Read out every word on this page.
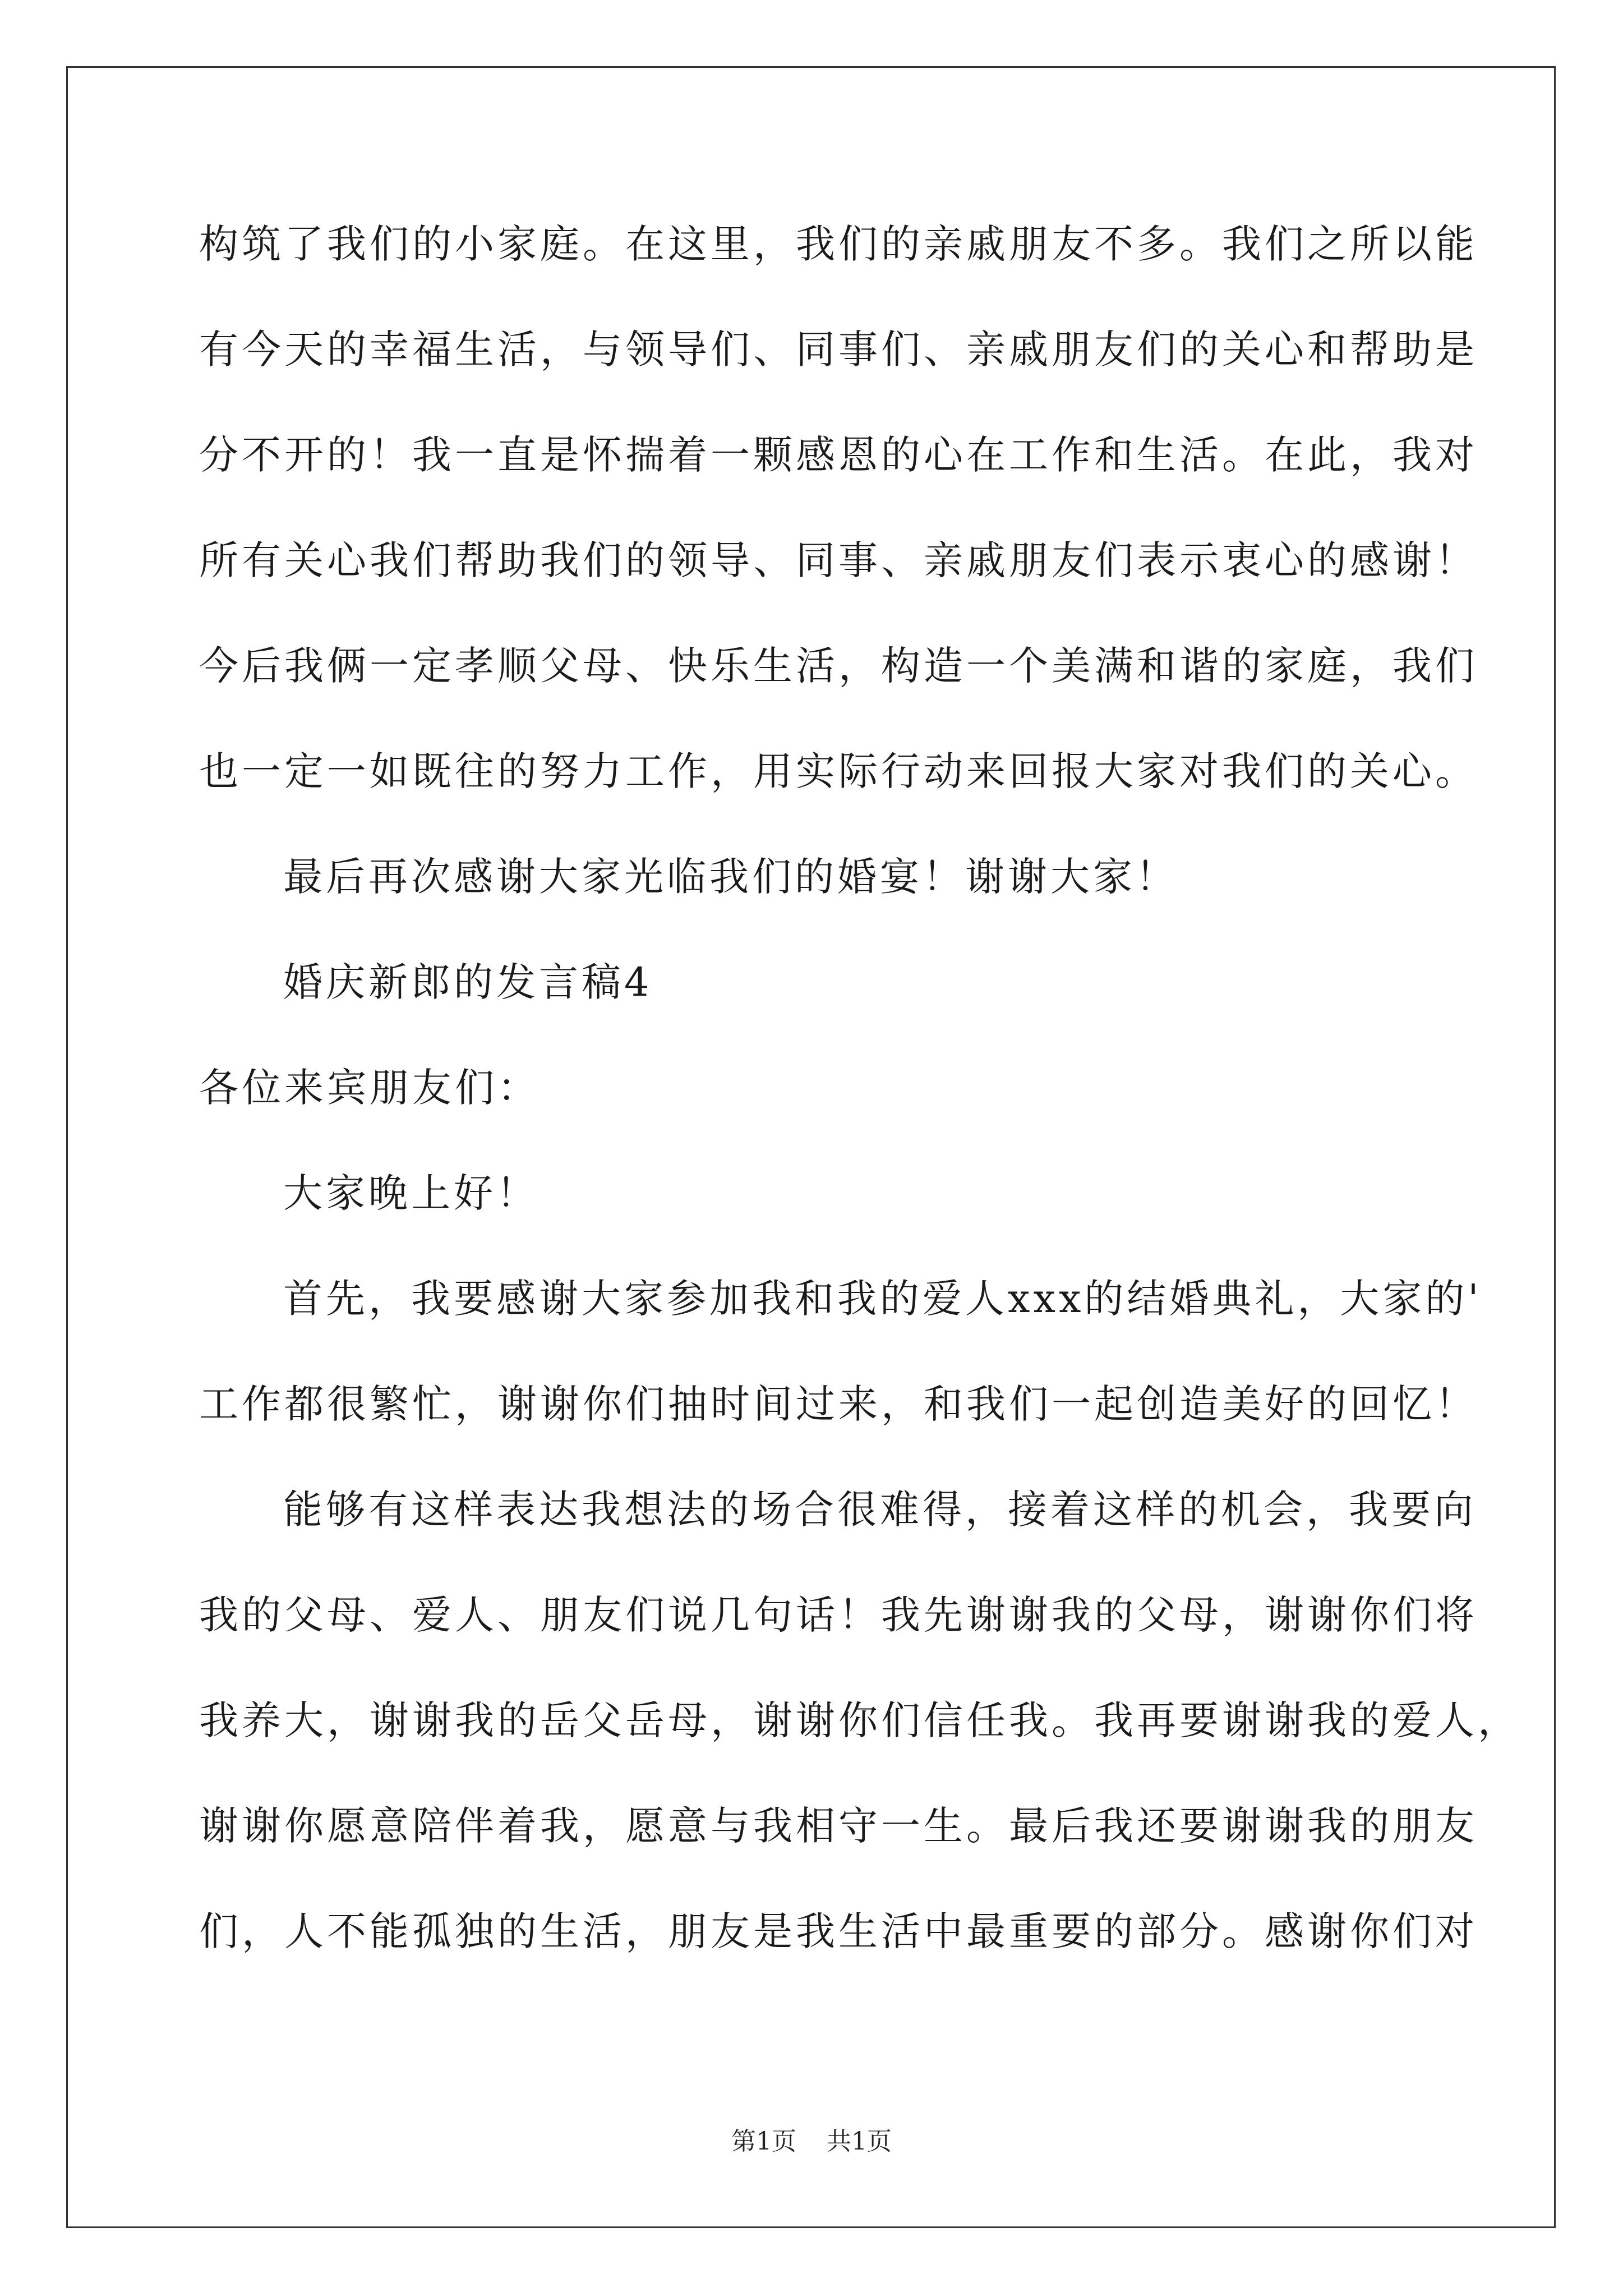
构筑了我们的小家庭。在这里，我们的亲戚朋友不多。我们之所以能
有今天的幸福生活，与领导们、同事们、亲戚朋友们的关心和帮助是
分不开的！我一直是怀揣着一颗感恩的心在工作和生活。在此，我对
所有关心我们帮助我们的领导、同事、亲戚朋友们表示衷心的感谢！
今后我俩一定孝顺父母、快乐生活，构造一个美满和谐的家庭，我们
也一定一如既往的努力工作，用实际行动来回报大家对我们的关心。
最后再次感谢大家光临我们的婚宴！谢谢大家！
婚庆新郎的发言稿4
各位来宾朋友们：
大家晚上好！
首先，我要感谢大家参加我和我的爱人xxx的结婚典礼，大家的'
工作都很繁忙，谢谢你们抽时间过来，和我们一起创造美好的回忆！
能够有这样表达我想法的场合很难得，接着这样的机会，我要向
我的父母、爱人、朋友们说几句话！我先谢谢我的父母，谢谢你们将
我养大，谢谢我的岳父岳母，谢谢你们信任我。我再要谢谢我的爱人，
谢谢你愿意陪伴着我，愿意与我相守一生。最后我还要谢谢我的朋友
们，人不能孤独的生活，朋友是我生活中最重要的部分。感谢你们对
第1页 共1页
